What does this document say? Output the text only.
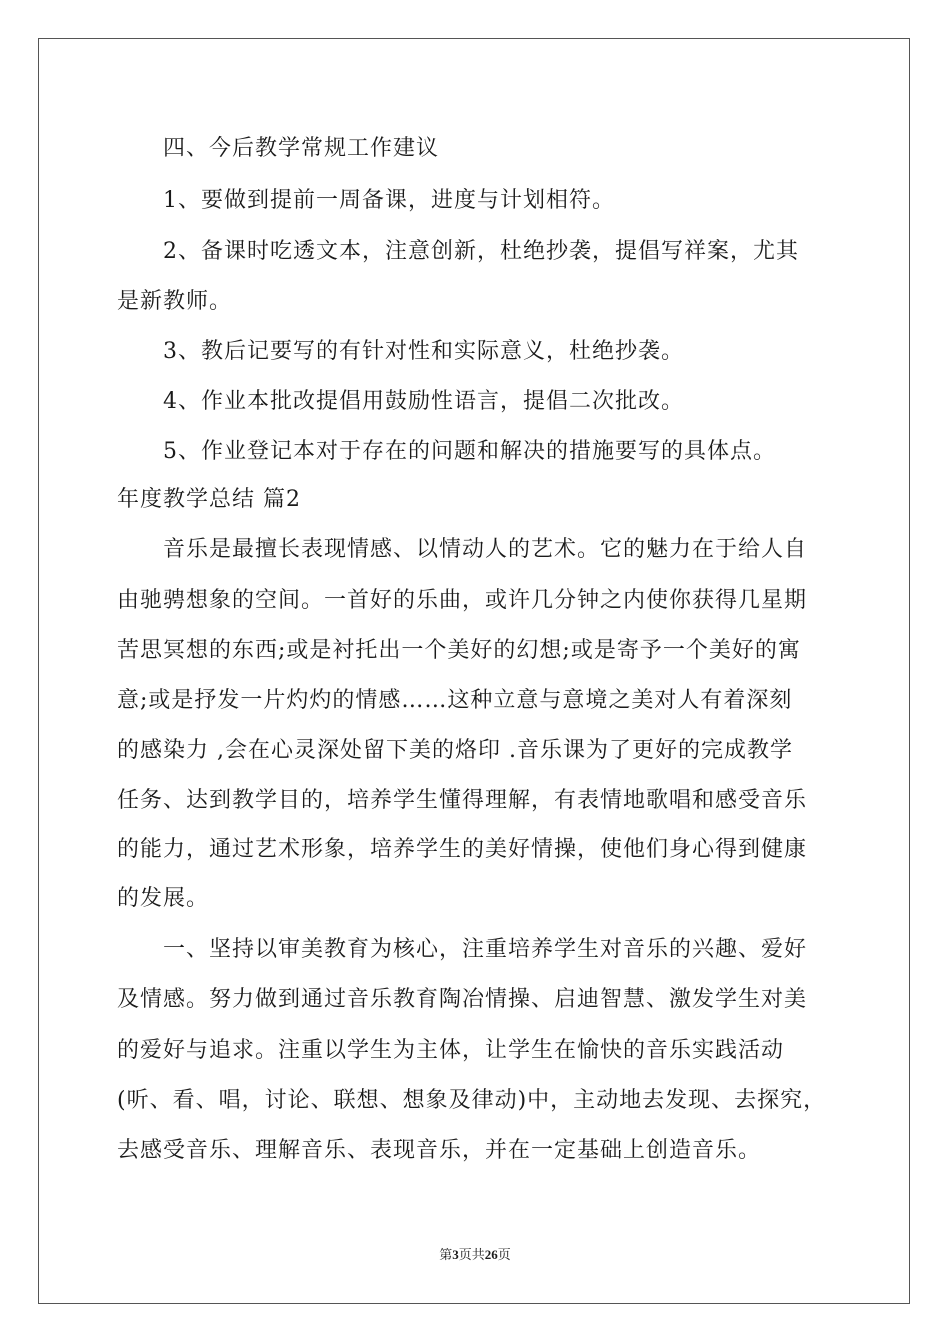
四、今后教学常规工作建议
1、要做到提前一周备课，进度与计划相符。
2、备课时吃透文本，注意创新，杜绝抄袭，提倡写祥案，尤其
是新教师。
3、教后记要写的有针对性和实际意义，杜绝抄袭。
4、作业本批改提倡用鼓励性语言，提倡二次批改。
5、作业登记本对于存在的问题和解决的措施要写的具体点。
年度教学总结 篇2
音乐是最擅长表现情感、以情动人的艺术。它的魅力在于给人自
由驰骋想象的空间。一首好的乐曲，或许几分钟之内使你获得几星期
苦思冥想的东西;或是衬托出一个美好的幻想;或是寄予一个美好的寓
意;或是抒发一片灼灼的情感……这种立意与意境之美对人有着深刻
的感染力 ,会在心灵深处留下美的烙印 .音乐课为了更好的完成教学
任务、达到教学目的，培养学生懂得理解，有表情地歌唱和感受音乐
的能力，通过艺术形象，培养学生的美好情操，使他们身心得到健康
的发展。
一、坚持以审美教育为核心，注重培养学生对音乐的兴趣、爱好
及情感。努力做到通过音乐教育陶冶情操、启迪智慧、激发学生对美
的爱好与追求。注重以学生为主体，让学生在愉快的音乐实践活动
(听、看、唱，讨论、联想、想象及律动)中，主动地去发现、去探究，
去感受音乐、理解音乐、表现音乐，并在一定基础上创造音乐。
第3页共26页
